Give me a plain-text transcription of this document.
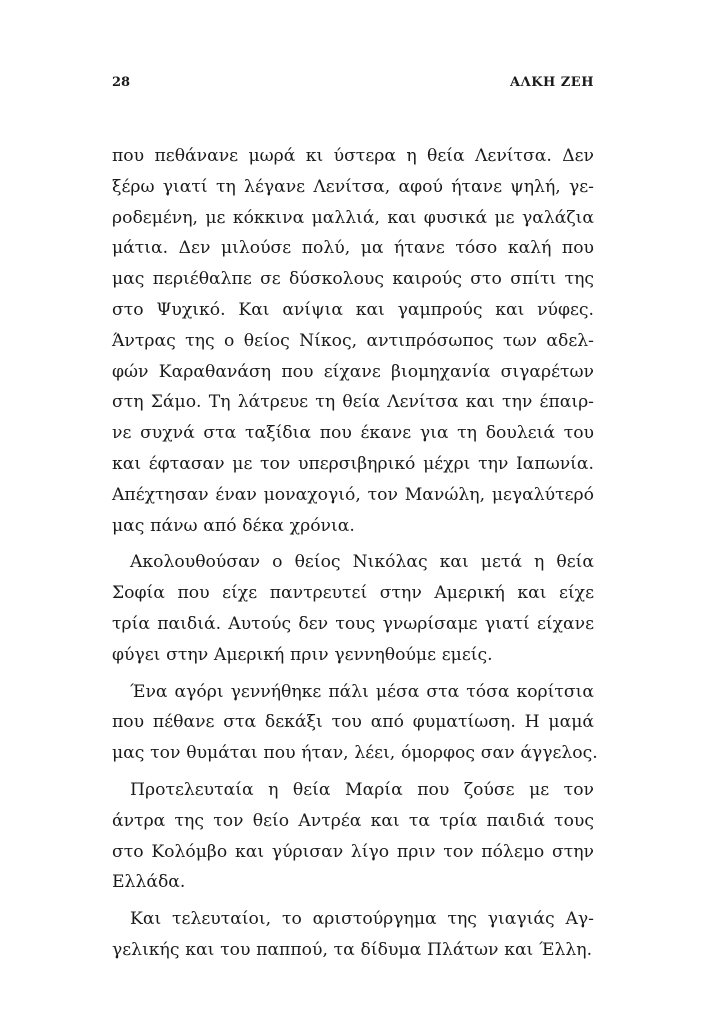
28	ΑΛΚΗ ΖΕΗ

που πεθάνανε μωρά κι ύστερα η θεία Λενίτσα. Δεν
ξέρω γιατί τη λέγανε Λενίτσα, αφού ήτανε ψηλή, γε-
ροδεμένη, με κόκκινα μαλλιά, και φυσικά με γαλάζια
μάτια. Δεν μιλούσε πολύ, μα ήτανε τόσο καλή που
μας περιέθαλπε σε δύσκολους καιρούς στο σπίτι της
στο Ψυχικό. Και ανίψια και γαμπρούς και νύφες.
Άντρας της ο θείος Νίκος, αντιπρόσωπος των αδελ-
φών Καραθανάση που είχανε βιομηχανία σιγαρέτων
στη Σάμο. Τη λάτρευε τη θεία Λενίτσα και την έπαιρ-
νε συχνά στα ταξίδια που έκανε για τη δουλειά του
και έφτασαν με τον υπερσιβηρικό μέχρι την Ιαπωνία.
Απέχτησαν έναν μοναχογιό, τον Μανώλη, μεγαλύτερό
μας πάνω από δέκα χρόνια.

Ακολουθούσαν ο θείος Νικόλας και μετά η θεία
Σοφία που είχε παντρευτεί στην Αμερική και είχε
τρία παιδιά. Αυτούς δεν τους γνωρίσαμε γιατί είχανε
φύγει στην Αμερική πριν γεννηθούμε εμείς.

Ένα αγόρι γεννήθηκε πάλι μέσα στα τόσα κορίτσια
που πέθανε στα δεκάξι του από φυματίωση. Η μαμά
μας τον θυμάται που ήταν, λέει, όμορφος σαν άγγελος.

Προτελευταία η θεία Μαρία που ζούσε με τον
άντρα της τον θείο Αντρέα και τα τρία παιδιά τους
στο Κολόμβο και γύρισαν λίγο πριν τον πόλεμο στην
Ελλάδα.

Και τελευταίοι, το αριστούργημα της γιαγιάς Αγ-
γελικής και του παππού, τα δίδυμα Πλάτων και Έλλη.
